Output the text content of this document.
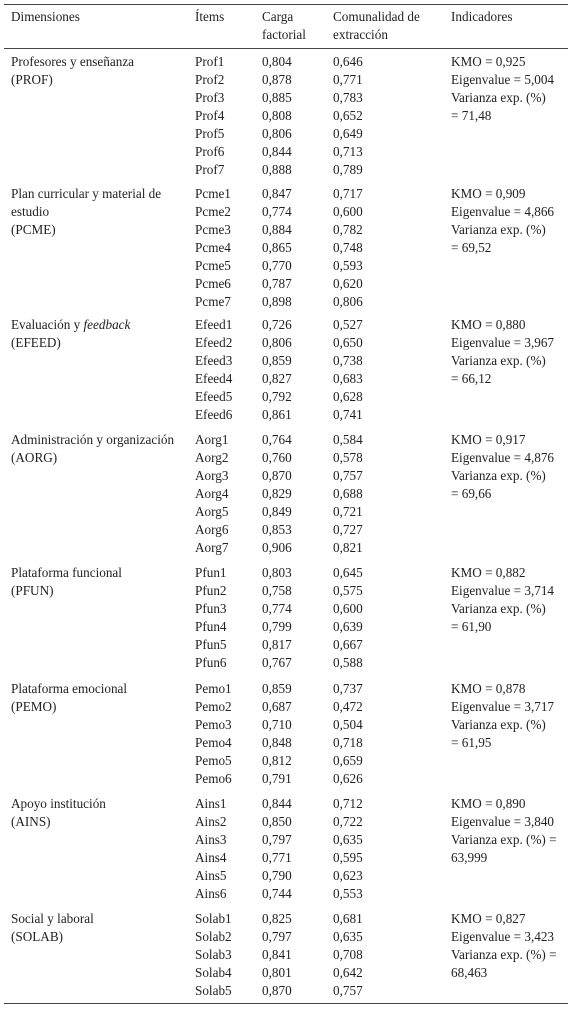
Dimensiones	Ítems	Carga
factorial
Comunalidad de
extracción
Indicadores
Profesores y enseñanza
(PROF)
Prof1
Prof2
Prof3
Prof4
Prof5
Prof6
Prof7
0,804
0,878
0,885
0,808
0,806
0,844
0,888
0,646
0,771
0,783
0,652
0,649
0,713
0,789
KMO = 0,925
Eigenvalue = 5,004
Varianza exp. (%)
= 71,48
Plan curricular y material de
estudio
(PCME)
Pcme1
Pcme2
Pcme3
Pcme4
Pcme5
Pcme6
Pcme7
0,847
0,774
0,884
0,865
0,770
0,787
0,898
0,717
0,600
0,782
0,748
0,593
0,620
0,806
KMO = 0,909
Eigenvalue = 4,866
Varianza exp. (%)
= 69,52
Evaluación y feedback
(EFEED)
Efeed1
Efeed2
Efeed3
Efeed4
Efeed5
Efeed6
0,726
0,806
0,859
0,827
0,792
0,861
0,527
0,650
0,738
0,683
0,628
0,741
KMO = 0,880
Eigenvalue = 3,967
Varianza exp. (%)
= 66,12
Administración y organización
(AORG)
Aorg1
Aorg2
Aorg3
Aorg4
Aorg5
Aorg6
Aorg7
0,764
0,760
0,870
0,829
0,849
0,853
0,906
0,584
0,578
0,757
0,688
0,721
0,727
0,821
KMO = 0,917
Eigenvalue = 4,876
Varianza exp. (%)
= 69,66
Plataforma funcional
(PFUN)
Pfun1
Pfun2
Pfun3
Pfun4
Pfun5
Pfun6
0,803
0,758
0,774
0,799
0,817
0,767
0,645
0,575
0,600
0,639
0,667
0,588
KMO = 0,882
Eigenvalue = 3,714
Varianza exp. (%)
= 61,90
Plataforma emocional
(PEMO)
Pemo1
Pemo2
Pemo3
Pemo4
Pemo5
Pemo6
0,859
0,687
0,710
0,848
0,812
0,791
0,737
0,472
0,504
0,718
0,659
0,626
KMO = 0,878
Eigenvalue = 3,717
Varianza exp. (%)
= 61,95
Apoyo institución
(AINS)
Ains1
Ains2
Ains3
Ains4
Ains5
Ains6
0,844
0,850
0,797
0,771
0,790
0,744
0,712
0,722
0,635
0,595
0,623
0,553
KMO = 0,890
Eigenvalue = 3,840
Varianza exp. (%) =
63,999
Social y laboral
(SOLAB)
Solab1
Solab2
Solab3
Solab4
Solab5
0,825
0,797
0,841
0,801
0,870
0,681
0,635
0,708
0,642
0,757
KMO = 0,827
Eigenvalue = 3,423
Varianza exp. (%) =
68,463
